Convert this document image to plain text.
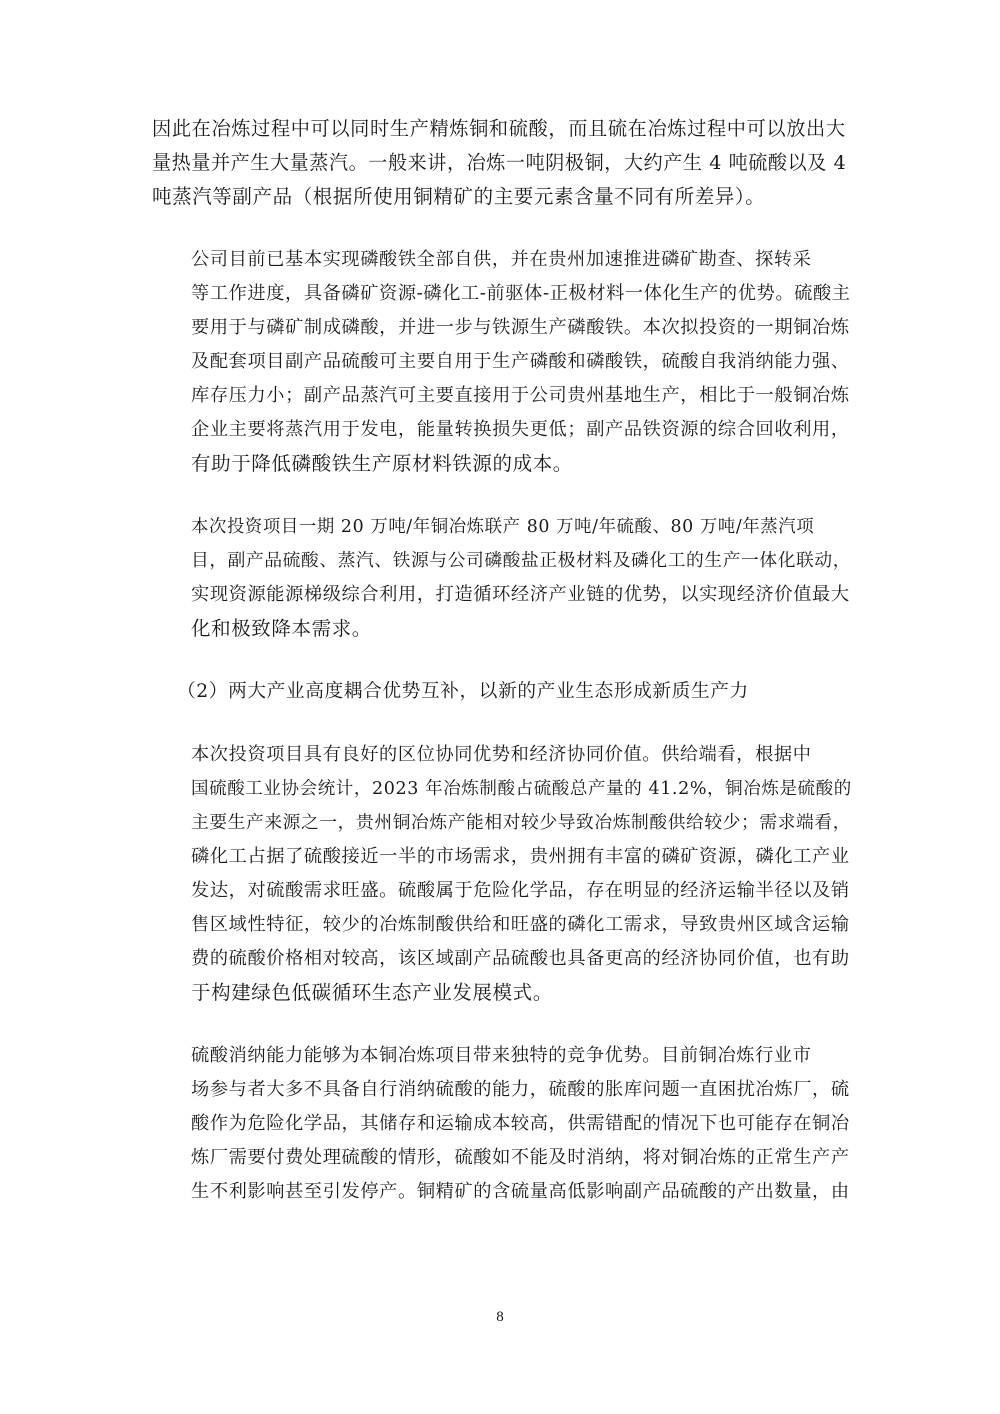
因此在冶炼过程中可以同时生产精炼铜和硫酸，而且硫在冶炼过程中可以放出大
量热量并产生大量蒸汽。一般来讲，冶炼一吨阴极铜，大约产生 4 吨硫酸以及 4
吨蒸汽等副产品（根据所使用铜精矿的主要元素含量不同有所差异）。

公司目前已基本实现磷酸铁全部自供，并在贵州加速推进磷矿勘查、探转采
等工作进度，具备磷矿资源-磷化工-前驱体-正极材料一体化生产的优势。硫酸主
要用于与磷矿制成磷酸，并进一步与铁源生产磷酸铁。本次拟投资的一期铜冶炼
及配套项目副产品硫酸可主要自用于生产磷酸和磷酸铁，硫酸自我消纳能力强、
库存压力小；副产品蒸汽可主要直接用于公司贵州基地生产，相比于一般铜冶炼
企业主要将蒸汽用于发电，能量转换损失更低；副产品铁资源的综合回收利用，
有助于降低磷酸铁生产原材料铁源的成本。

本次投资项目一期 20 万吨/年铜冶炼联产 80 万吨/年硫酸、80 万吨/年蒸汽项
目，副产品硫酸、蒸汽、铁源与公司磷酸盐正极材料及磷化工的生产一体化联动，
实现资源能源梯级综合利用，打造循环经济产业链的优势，以实现经济价值最大
化和极致降本需求。

（2）两大产业高度耦合优势互补，以新的产业生态形成新质生产力

本次投资项目具有良好的区位协同优势和经济协同价值。供给端看，根据中
国硫酸工业协会统计，2023 年冶炼制酸占硫酸总产量的 41.2%，铜冶炼是硫酸的
主要生产来源之一，贵州铜冶炼产能相对较少导致冶炼制酸供给较少；需求端看，
磷化工占据了硫酸接近一半的市场需求，贵州拥有丰富的磷矿资源，磷化工产业
发达，对硫酸需求旺盛。硫酸属于危险化学品，存在明显的经济运输半径以及销
售区域性特征，较少的冶炼制酸供给和旺盛的磷化工需求，导致贵州区域含运输
费的硫酸价格相对较高，该区域副产品硫酸也具备更高的经济协同价值，也有助
于构建绿色低碳循环生态产业发展模式。

硫酸消纳能力能够为本铜冶炼项目带来独特的竞争优势。目前铜冶炼行业市
场参与者大多不具备自行消纳硫酸的能力，硫酸的胀库问题一直困扰冶炼厂，硫
酸作为危险化学品，其储存和运输成本较高，供需错配的情况下也可能存在铜冶
炼厂需要付费处理硫酸的情形，硫酸如不能及时消纳，将对铜冶炼的正常生产产
生不利影响甚至引发停产。铜精矿的含硫量高低影响副产品硫酸的产出数量，由

8
